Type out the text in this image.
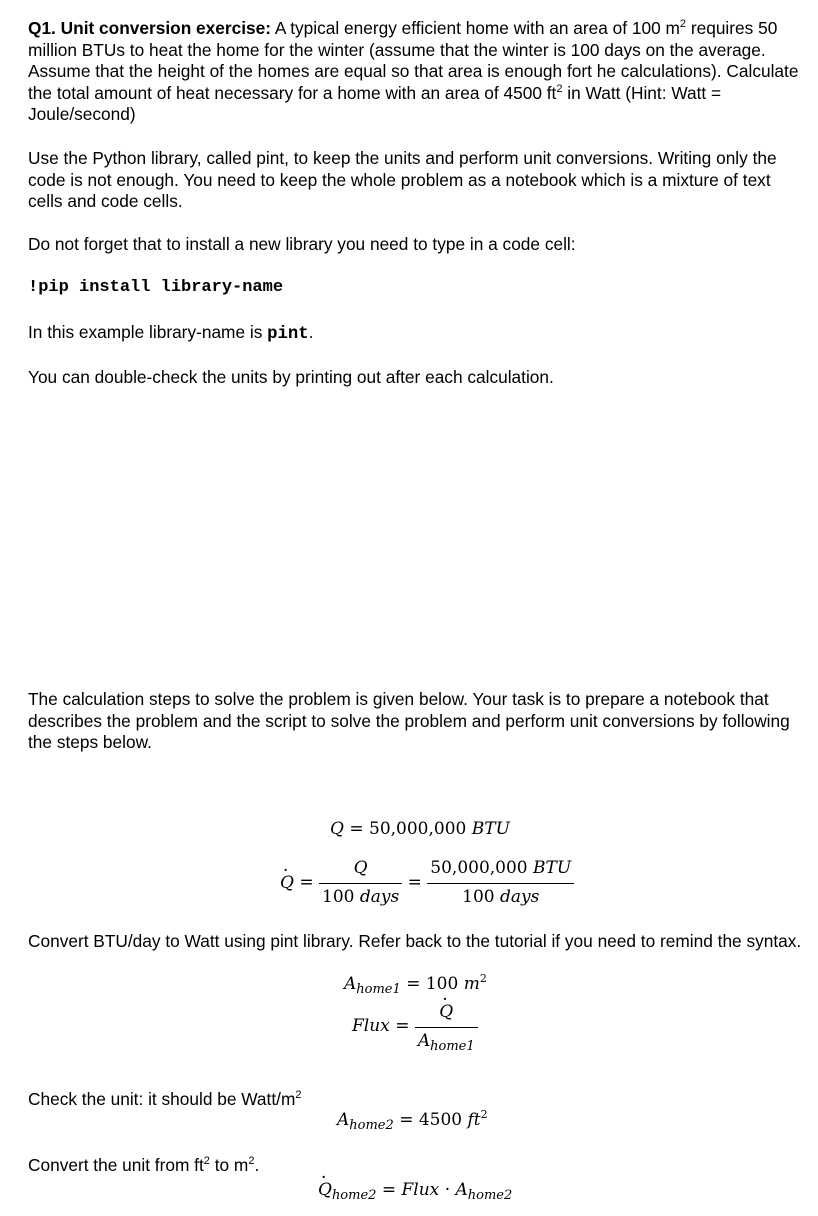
Q1. Unit conversion exercise: A typical energy efficient home with an area of 100 $m^2$ requires 50 million BTUs to heat the home for the winter (assume that the winter is 100 days on the average. Assume that the height of the homes are equal so that area is enough fort he calculations). Calculate the total amount of heat necessary for a home with an area of 4500 $ft^2$ in Watt (Hint: Watt = Joule/second)
Use the Python library, called pint, to keep the units and perform unit conversions. Writing only the code is not enough. You need to keep the whole problem as a notebook which is a mixture of text cells and code cells.
Do not forget that to install a new library you need to type in a code cell:
!pip install library-name
In this example library-name is pint.
You can double-check the units by printing out after each calculation.
The calculation steps to solve the problem is given below. Your task is to prepare a notebook that describes the problem and the script to solve the problem and perform unit conversions by following the steps below.
Q = 50,000,000 BTU
· $Q = \frac{Q}{\text{100 days}} = \frac{\text{50,000,000 BTU}}{\text{100 days}}$
Convert BTU/day to Watt using pint library. Refer back to the tutorial if you need to remind the syntax.
$A_{home1} = 100$ $m^2$
Flux =
· $\frac{Q}{A_{home1}}$
Check the unit: it should be Watt/$m^2$
$A_{home2} = 4500$ $ft^2$
Convert the unit from $ft^2$ to $m^2$.
· $Q_{home2}$ = Flux · $A_{home2}$
